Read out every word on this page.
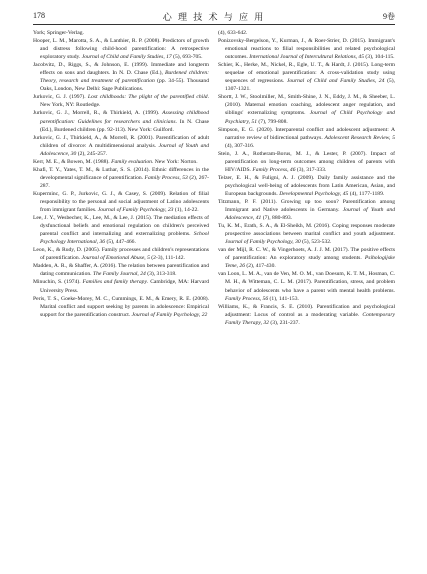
178	心 理 技 术 与 应 用	9卷

York; Springer-Verlag.

Hooper, L. M., Marotta, S. A., & Lanthier, R. P. (2008). Predictors of growth and distress following child-hood parentification: A retrospective exploratory study. Journal of Child and Family Studies, 17 (5), 693-705.

Jacobvitz, D., Riggs, S., & Johnson, E. (1999). Immediate and longterm effects on sons and daughters. In N. D. Chase (Ed.), Burdened children: Theory, research and treatment of parentification (pp. 34-55). Thousand Oaks, London, New Delhi: Sage Publications.

Jurkovic, G. J. (1997). Lost childhoods: The plight of the parentified child. New York, NY: Routledge.

Jurkovic, G. J., Morrell, R., & Thirkield, A. (1999). Assessing childhood parentification: Guidelines for researchers and clinicians. In N. Chase (Ed.), Burdened children (pp. 92-113). New York: Guilford.

Jurkovic, G. J., Thirkield, A., & Morrell, R. (2001). Parentification of adult children of divorce: A multidimensional analysis. Journal of Youth and Adolescence, 30 (2), 245-257.

Kerr, M. E., & Bowen, M. (1988). Family evaluation. New York: Norton.

Khafi, T. Y., Yates, T. M., & Luthar, S. S. (2014). Ethnic differences in the developmental significance of parentification. Family Process, 53 (2), 267-287.

Kuperminc, G. P., Jurkovic, G. J., & Casey, S. (2009). Relation of filial responsibility to the personal and social adjustment of Latino adolescents from immigrant families. Journal of Family Psychology, 23 (1), 14-22.

Lee, J. Y., Wesbecher, K., Lee, M., & Lee, J. (2015). The mediation effects of dysfunctional beliefs and emotional regulation on children's perceived parental conflict and internalizing and externalizing problems. School Psychology International, 36 (5), 447-466.

Leon, K., & Rudy, D. (2005). Family processes and children's representations of parentification. Journal of Emotional Abuse, 5 (2-3), 111-142.

Madden, A. R., & Shaffer, A. (2016). The relation between parentification and dating communication. The Family Journal, 24 (3), 313-318.

Minuchin, S. (1974). Families and family therapy. Cambridge, MA: Harvard University Press.

Peris, T. S., Goeke-Morey, M. C., Cummings, E. M., & Emery, R. E. (2008). Marital conflict and support seeking by parents in adolescence: Empirical support for the parentification construct. Journal of Family Psychology, 22

(4), 633-642.

Ponizovsky-Bergelson, Y., Kurman, J., & Roer-Strier, D. (2015). Immigrant's emotional reactions to filial responsibilities and related psychological outcomes. International Journal of Intercultural Relations, 45 (3), 104-115.

Schier, K., Herke, M., Nickel, R., Egle, U. T., & Hardt, J. (2015). Long-term sequelae of emotional parentification: A cross-validation study using sequences of regressions. Journal of Child and Family Studies, 24 (5), 1307-1321.

Shortt, J. W., Stoolmiller, M., Smith-Shine, J. N., Eddy, J. M., & Sheeber, L. (2010). Maternal emotion coaching, adolescent anger regulation, and siblings' externalizing symptoms. Journal of Child Psychology and Psychiatry, 51 (7), 799-808.

Simpson, E. G. (2020). Interparental conflict and adolescent adjustment: A narrative review of bidirectional pathways. Adolescent Research Review, 5 (4), 307-316.

Stein, J. A., Rotheram-Borus, M. J., & Lester, P. (2007). Impact of parentification on long-term outcomes among children of parents with HIV/AIDS. Family Process, 46 (3), 317-333.

Telzer, E. H., & Fuligni, A. J. (2009). Daily family assistance and the psychological well-being of adolescents from Latin American, Asian, and European backgrounds. Developmental Psychology, 45 (4), 1177-1189.

Titzmann, P. F. (2011). Growing up too soon? Parentification among Immigrant and Native adolescents in Germany. Journal of Youth and Adolescence, 41 (7), 880-893.

Tu, K. M., Erath, S. A., & El-Sheikh, M. (2016). Coping responses moderate prospective associations between marital conflict and youth adjustment. Journal of Family Psychology, 30 (5), 523-532.

van der Mijl, R. C. W., & Vingerhoets, A. J. J. M. (2017). The positive effects of parentification: An exploratory study among students. Psihologijske Teme, 26 (2), 417-430.

van Loon, L. M. A., van de Ven, M. O. M., van Doesum, K. T. M., Hosman, C. M. H., & Witteman, C. L. M. (2017). Parentification, stress, and problem behavior of adolescents who have a parent with mental health problems. Family Process, 56 (1), 141-153.

Williams, K., & Francis, S. E. (2010). Parentification and psychological adjustment: Locus of control as a moderating variable. Contemporary Family Therapy, 32 (3), 231-237.
